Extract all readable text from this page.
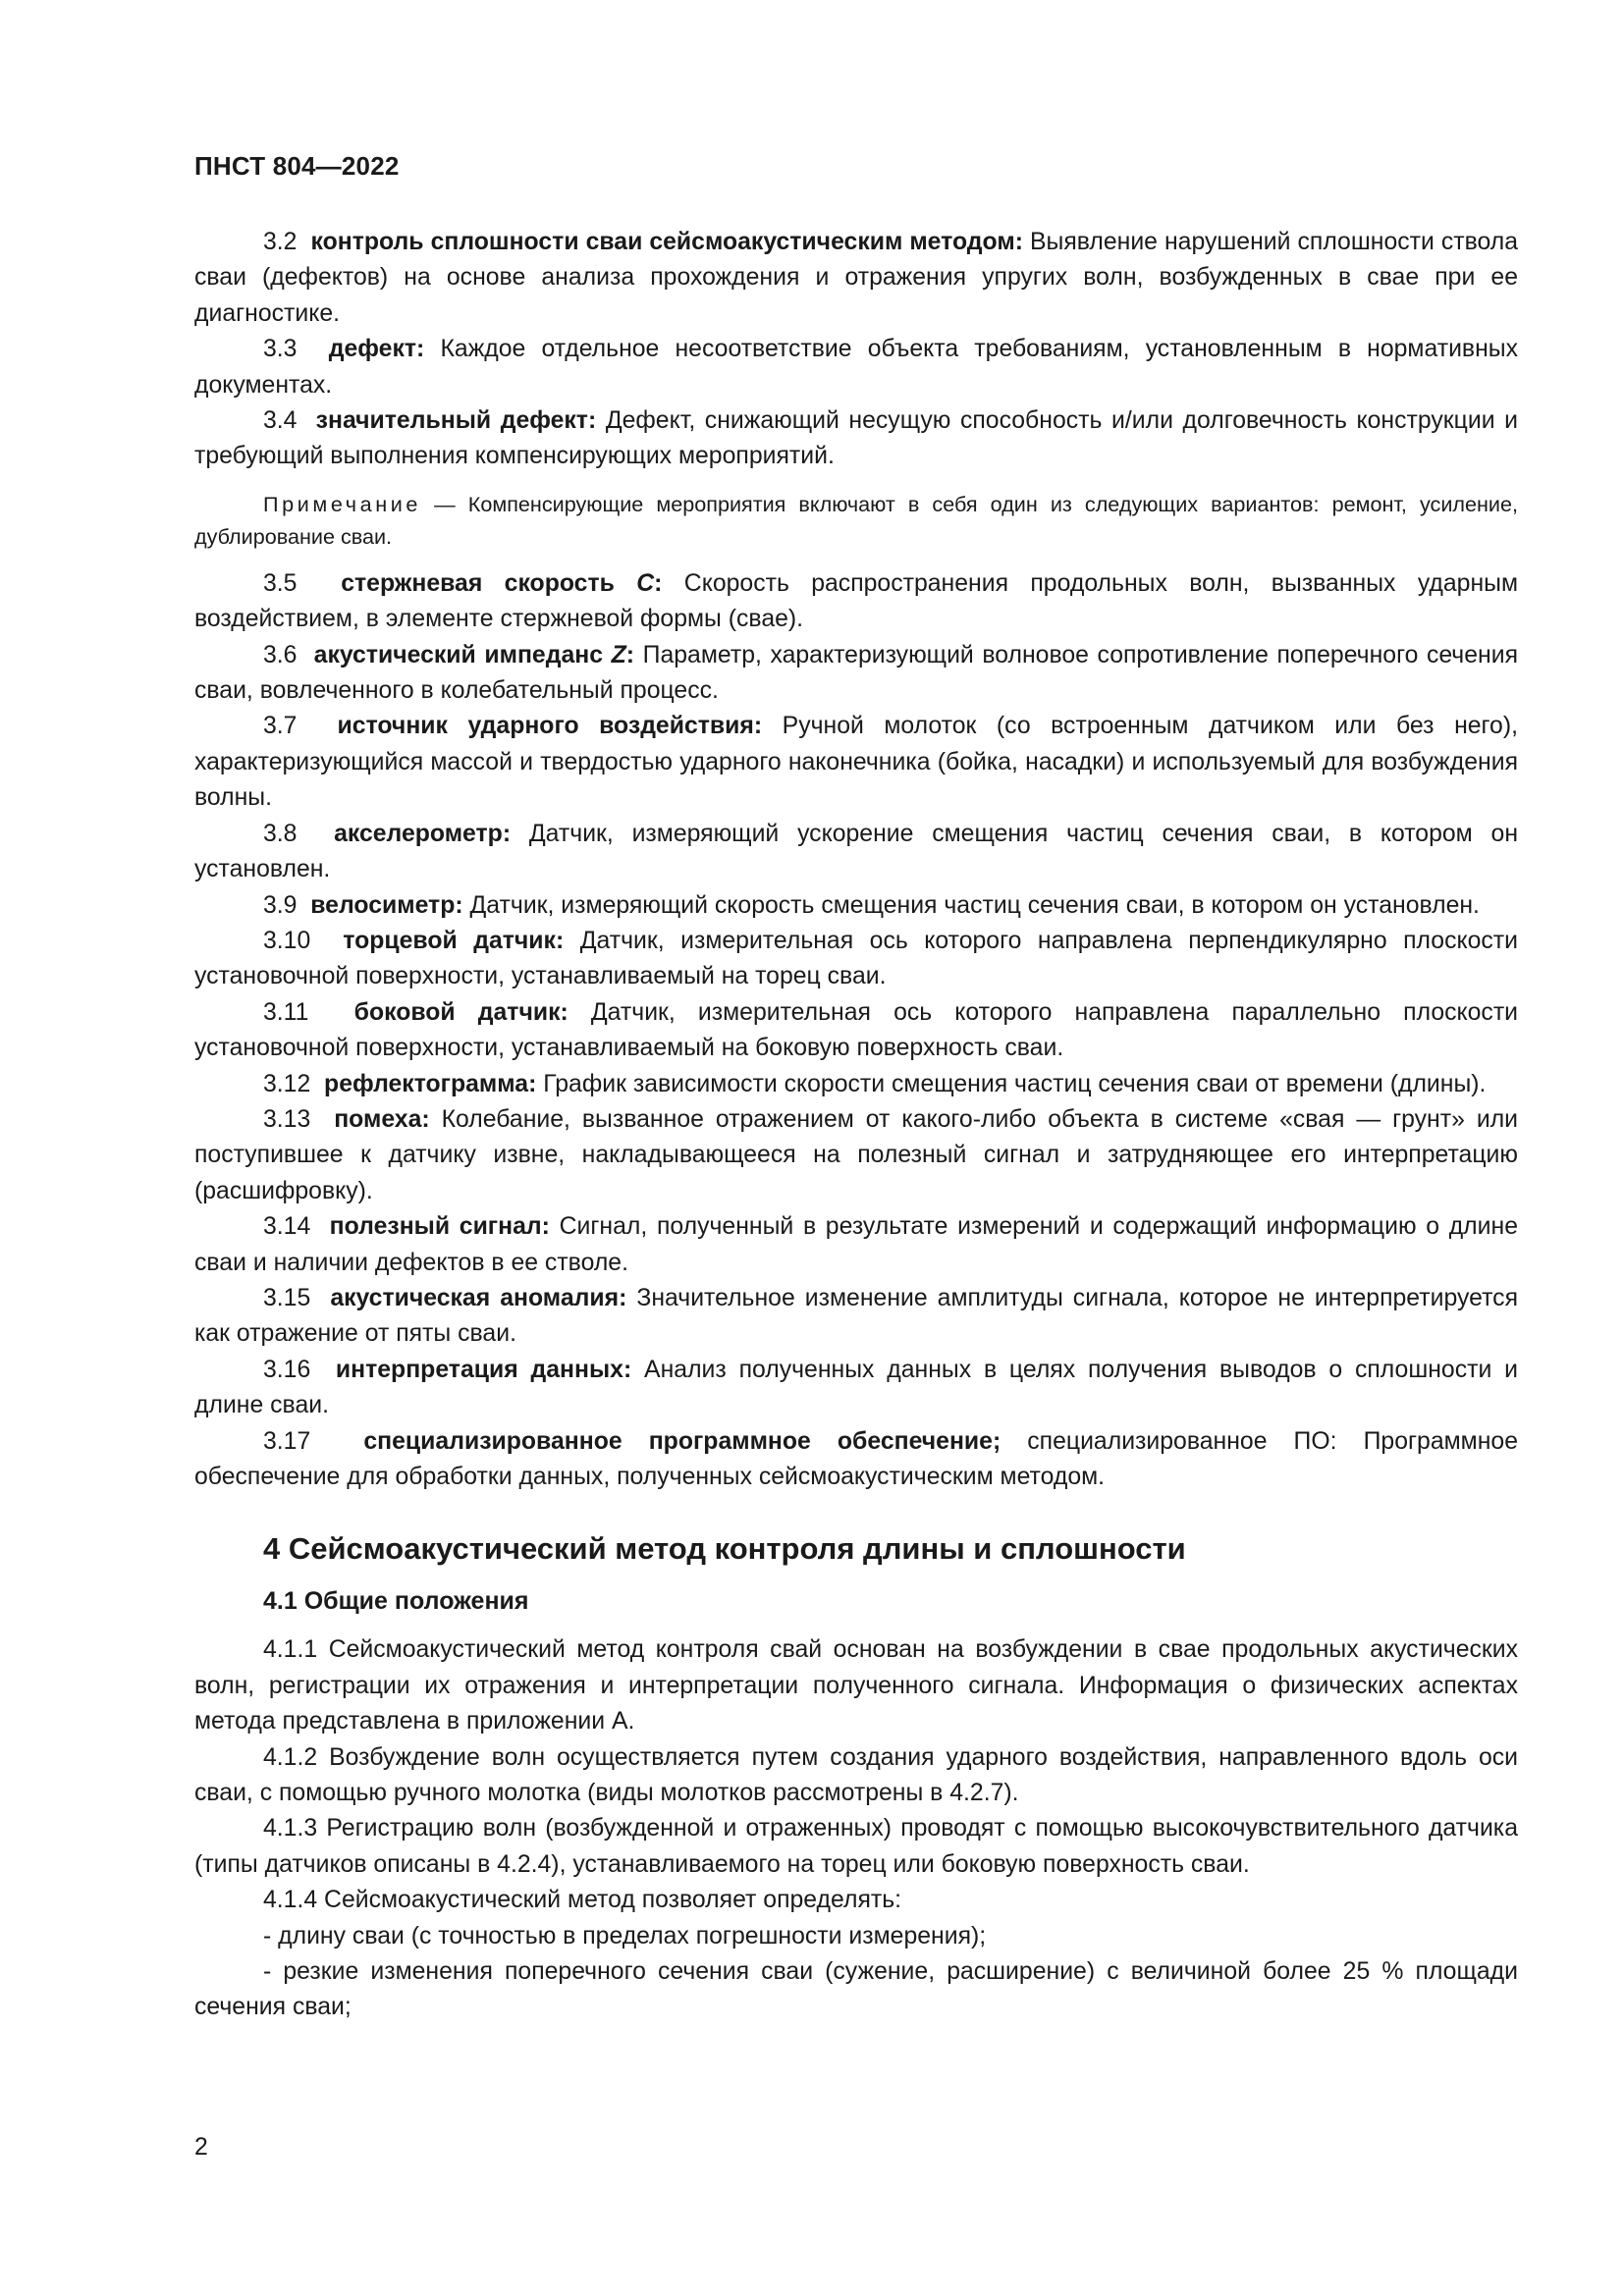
ПНСТ 804—2022

3.2 контроль сплошности сваи сейсмоакустическим методом: Выявление нарушений сплошности ствола сваи (дефектов) на основе анализа прохождения и отражения упругих волн, возбужденных в свае при ее диагностике.

3.3 дефект: Каждое отдельное несоответствие объекта требованиям, установленным в нормативных документах.

3.4 значительный дефект: Дефект, снижающий несущую способность и/или долговечность конструкции и требующий выполнения компенсирующих мероприятий.

Примечание — Компенсирующие мероприятия включают в себя один из следующих вариантов: ремонт, усиление, дублирование сваи.

3.5 стержневая скорость C: Скорость распространения продольных волн, вызванных ударным воздействием, в элементе стержневой формы (свае).

3.6 акустический импеданс Z: Параметр, характеризующий волновое сопротивление поперечного сечения сваи, вовлеченного в колебательный процесс.

3.7 источник ударного воздействия: Ручной молоток (со встроенным датчиком или без него), характеризующийся массой и твердостью ударного наконечника (бойка, насадки) и используемый для возбуждения волны.

3.8 акселерометр: Датчик, измеряющий ускорение смещения частиц сечения сваи, в котором он установлен.

3.9 велосиметр: Датчик, измеряющий скорость смещения частиц сечения сваи, в котором он установлен.

3.10 торцевой датчик: Датчик, измерительная ось которого направлена перпендикулярно плоскости установочной поверхности, устанавливаемый на торец сваи.

3.11 боковой датчик: Датчик, измерительная ось которого направлена параллельно плоскости установочной поверхности, устанавливаемый на боковую поверхность сваи.

3.12 рефлектограмма: График зависимости скорости смещения частиц сечения сваи от времени (длины).

3.13 помеха: Колебание, вызванное отражением от какого-либо объекта в системе «свая — грунт» или поступившее к датчику извне, накладывающееся на полезный сигнал и затрудняющее его интерпретацию (расшифровку).

3.14 полезный сигнал: Сигнал, полученный в результате измерений и содержащий информацию о длине сваи и наличии дефектов в ее стволе.

3.15 акустическая аномалия: Значительное изменение амплитуды сигнала, которое не интерпретируется как отражение от пяты сваи.

3.16 интерпретация данных: Анализ полученных данных в целях получения выводов о сплошности и длине сваи.

3.17 специализированное программное обеспечение; специализированное ПО: Программное обеспечение для обработки данных, полученных сейсмоакустическим методом.

4 Сейсмоакустический метод контроля длины и сплошности
4.1 Общие положения

4.1.1 Сейсмоакустический метод контроля свай основан на возбуждении в свае продольных акустических волн, регистрации их отражения и интерпретации полученного сигнала. Информация о физических аспектах метода представлена в приложении А.

4.1.2 Возбуждение волн осуществляется путем создания ударного воздействия, направленного вдоль оси сваи, с помощью ручного молотка (виды молотков рассмотрены в 4.2.7).

4.1.3 Регистрацию волн (возбужденной и отраженных) проводят с помощью высокочувствительного датчика (типы датчиков описаны в 4.2.4), устанавливаемого на торец или боковую поверхность сваи.

4.1.4 Сейсмоакустический метод позволяет определять:

- длину сваи (с точностью в пределах погрешности измерения);

- резкие изменения поперечного сечения сваи (сужение, расширение) с величиной более 25 % площади сечения сваи;

2
